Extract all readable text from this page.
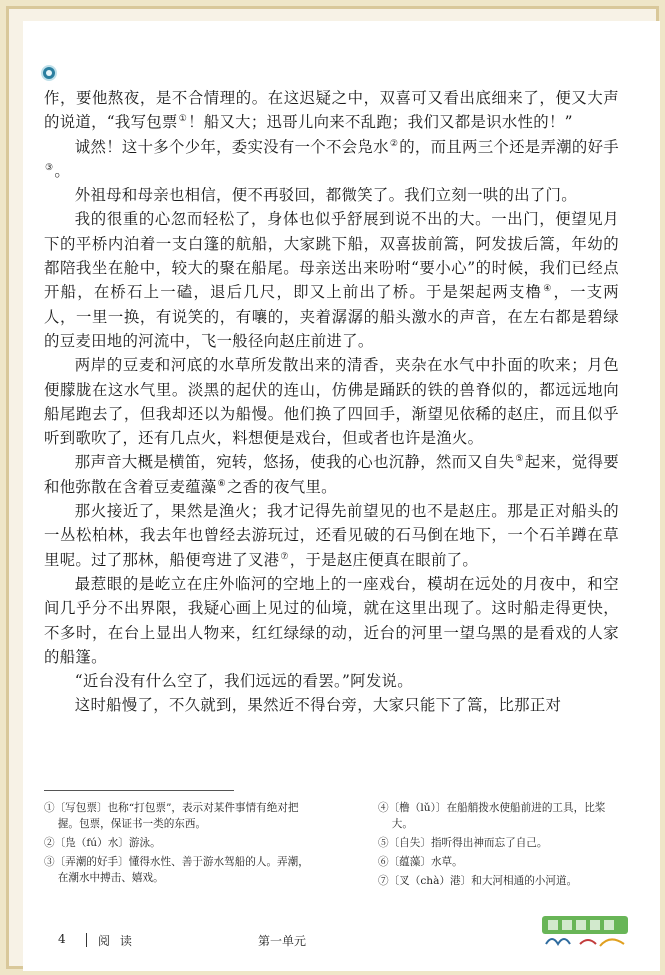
作，要他熬夜，是不合情理的。在这迟疑之中，双喜可又看出底细来了，便又大声的说道，“我写包票①！船又大；迅哥儿向来不乱跑；我们又都是识水性的！”

诚然！这十多个少年，委实没有一个不会凫水②的，而且两三个还是弄潮的好手③。

外祖母和母亲也相信，便不再驳回，都微笑了。我们立刻一哄的出了门。

我的很重的心忽而轻松了，身体也似乎舒展到说不出的大。一出门，便望见月下的平桥内泊着一支白篷的航船，大家跳下船，双喜拔前篙，阿发拔后篙，年幼的都陪我坐在舱中，较大的聚在船尾。母亲送出来吩咐“要小心”的时候，我们已经点开船，在桥石上一磕，退后几尺，即又上前出了桥。于是架起两支橹④，一支两人，一里一换，有说笑的，有嚷的，夹着潺潺的船头激水的声音，在左右都是碧绿的豆麦田地的河流中，飞一般径向赵庄前进了。

两岸的豆麦和河底的水草所发散出来的清香，夹杂在水气中扑面的吹来；月色便朦胧在这水气里。淡黑的起伏的连山，仿佛是踊跃的铁的兽脊似的，都远远地向船尾跑去了，但我却还以为船慢。他们换了四回手，渐望见依稀的赵庄，而且似乎听到歌吹了，还有几点火，料想便是戏台，但或者也许是渔火。

那声音大概是横笛，宛转，悠扬，使我的心也沉静，然而又自失⑤起来，觉得要和他弥散在含着豆麦蕴藻⑥之香的夜气里。

那火接近了，果然是渔火；我才记得先前望见的也不是赵庄。那是正对船头的一丛松柏林，我去年也曾经去游玩过，还看见破的石马倒在地下，一个石羊蹲在草里呢。过了那林，船便弯进了叉港⑦，于是赵庄便真在眼前了。

最惹眼的是屹立在庄外临河的空地上的一座戏台，模胡在远处的月夜中，和空间几乎分不出界限，我疑心画上见过的仙境，就在这里出现了。这时船走得更快，不多时，在台上显出人物来，红红绿绿的动，近台的河里一望乌黑的是看戏的人家的船篷。

“近台没有什么空了，我们远远的看罢。”阿发说。

这时船慢了，不久就到，果然近不得台旁，大家只能下了篙，比那正对

①〔写包票〕也称“打包票”，表示对某件事情有绝对把握。包票，保证书一类的东西。
②〔凫（fú）水〕游泳。
③〔弄潮的好手〕懂得水性、善于游水驾船的人。弄潮，在潮水中搏击、嬉戏。
④〔橹（lǔ）〕在船艄拨水使船前进的工具，比桨大。
⑤〔自失〕指听得出神而忘了自己。
⑥〔蕴藻〕水草。
⑦〔叉（chà）港〕和大河相通的小河道。
4	阅 读	第一单元
